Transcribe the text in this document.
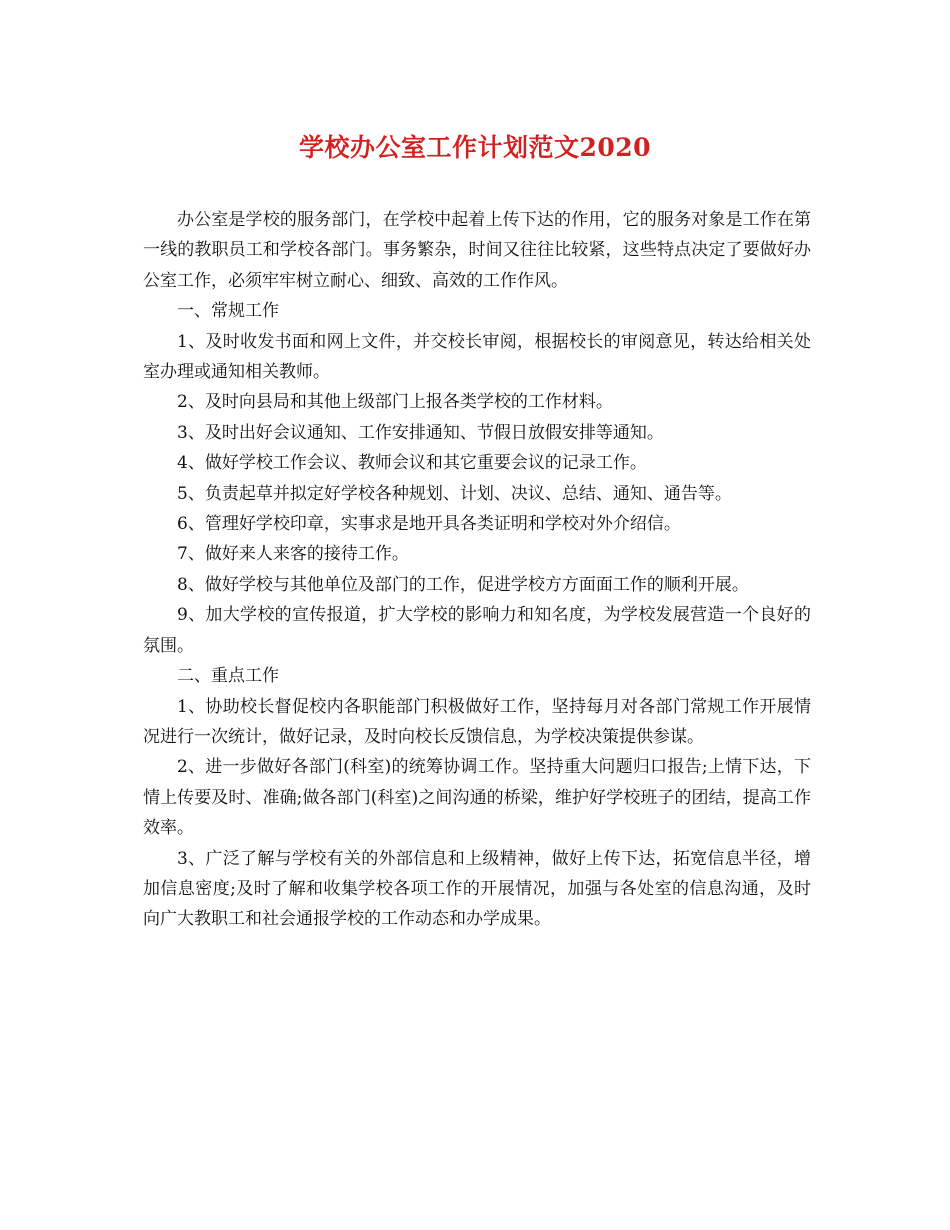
学校办公室工作计划范文2020

办公室是学校的服务部门，在学校中起着上传下达的作用，它的服务对象是工作在第一线的教职员工和学校各部门。事务繁杂，时间又往往比较紧，这些特点决定了要做好办公室工作，必须牢牢树立耐心、细致、高效的工作作风。

一、常规工作

1、及时收发书面和网上文件，并交校长审阅，根据校长的审阅意见，转达给相关处室办理或通知相关教师。

2、及时向县局和其他上级部门上报各类学校的工作材料。

3、及时出好会议通知、工作安排通知、节假日放假安排等通知。

4、做好学校工作会议、教师会议和其它重要会议的记录工作。

5、负责起草并拟定好学校各种规划、计划、决议、总结、通知、通告等。

6、管理好学校印章，实事求是地开具各类证明和学校对外介绍信。

7、做好来人来客的接待工作。

8、做好学校与其他单位及部门的工作，促进学校方方面面工作的顺利开展。

9、加大学校的宣传报道，扩大学校的影响力和知名度，为学校发展营造一个良好的氛围。

二、重点工作

1、协助校长督促校内各职能部门积极做好工作，坚持每月对各部门常规工作开展情况进行一次统计，做好记录，及时向校长反馈信息，为学校决策提供参谋。

2、进一步做好各部门(科室)的统筹协调工作。坚持重大问题归口报告;上情下达，下情上传要及时、准确;做各部门(科室)之间沟通的桥梁，维护好学校班子的团结，提高工作效率。

3、广泛了解与学校有关的外部信息和上级精神，做好上传下达，拓宽信息半径，增加信息密度;及时了解和收集学校各项工作的开展情况，加强与各处室的信息沟通，及时向广大教职工和社会通报学校的工作动态和办学成果。
